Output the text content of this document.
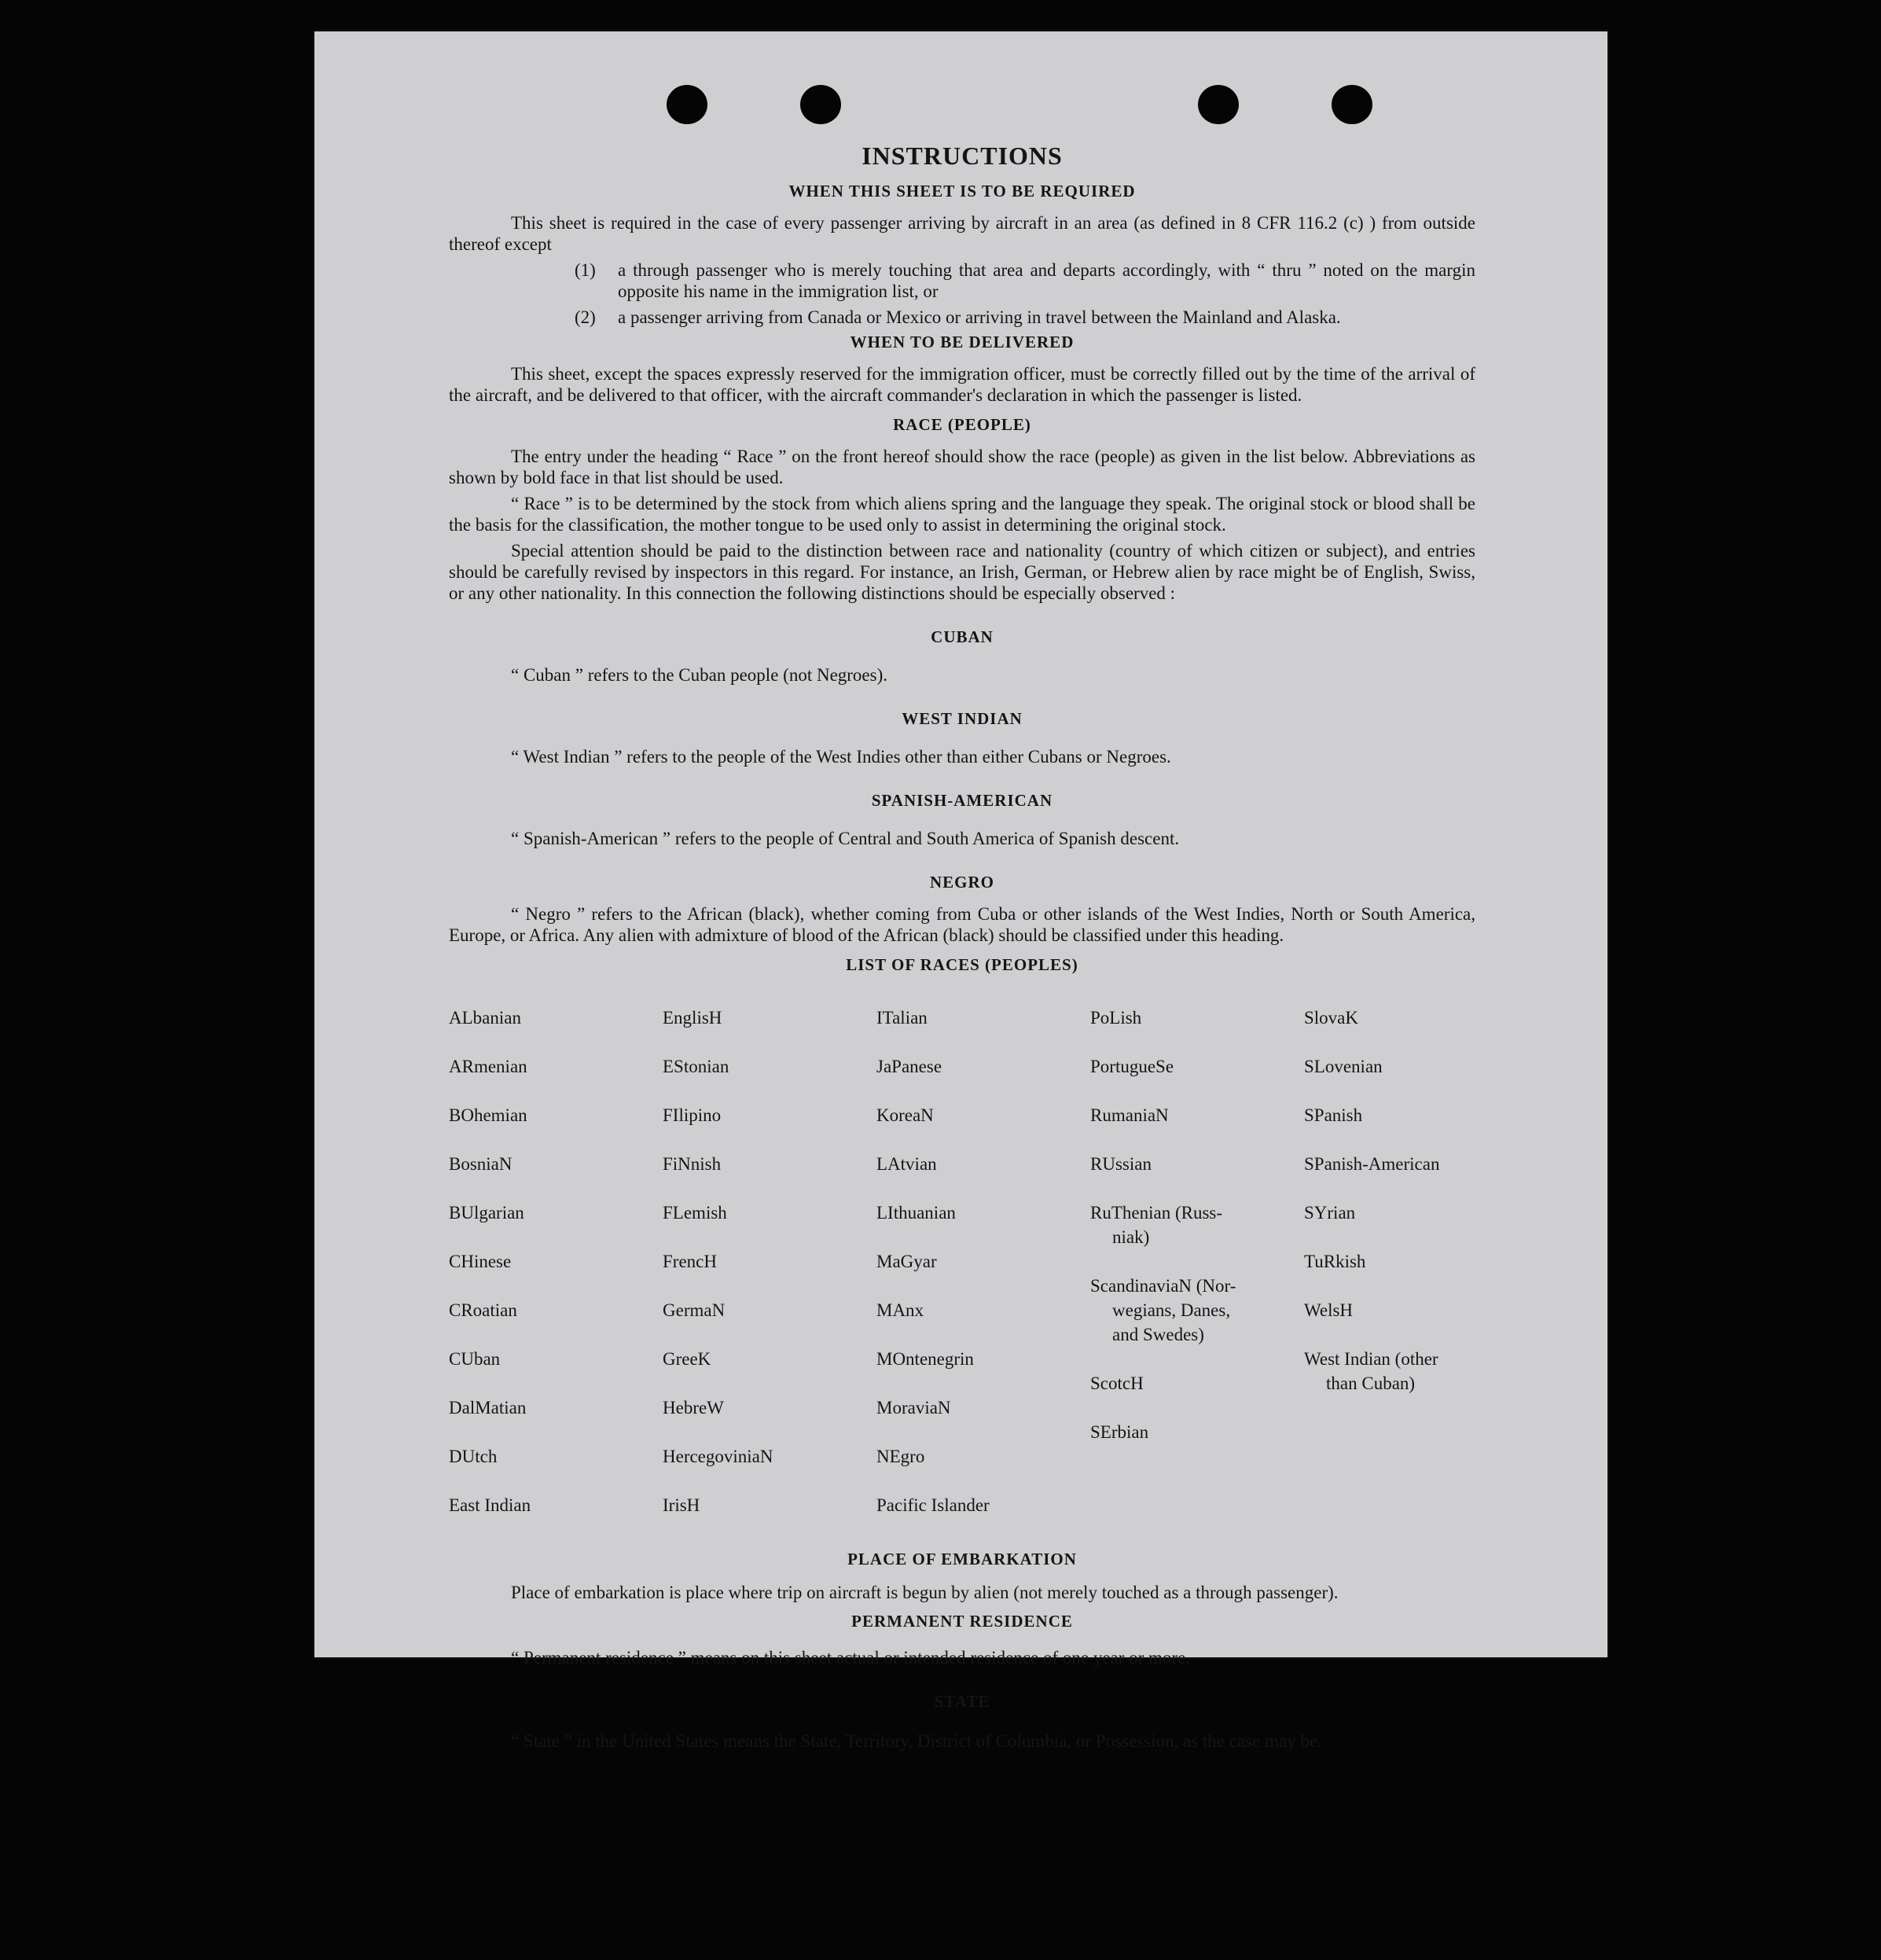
INSTRUCTIONS
WHEN THIS SHEET IS TO BE REQUIRED

This sheet is required in the case of every passenger arriving by aircraft in an area (as defined in 8 CFR 116.2 (c) ) from outside thereof except

(1) a through passenger who is merely touching that area and departs accordingly, with “ thru ” noted on the margin opposite his name in the immigration list, or
(2) a passenger arriving from Canada or Mexico or arriving in travel between the Mainland and Alaska.
WHEN TO BE DELIVERED

This sheet, except the spaces expressly reserved for the immigration officer, must be correctly filled out by the time of the arrival of the aircraft, and be delivered to that officer, with the aircraft commander's declaration in which the passenger is listed.

RACE (PEOPLE)

The entry under the heading “ Race ” on the front hereof should show the race (people) as given in the list below. Abbreviations as shown by bold face in that list should be used.

“ Race ” is to be determined by the stock from which aliens spring and the language they speak. The original stock or blood shall be the basis for the classification, the mother tongue to be used only to assist in determining the original stock.

Special attention should be paid to the distinction between race and nationality (country of which citizen or subject), and entries should be carefully revised by inspectors in this regard. For instance, an Irish, German, or Hebrew alien by race might be of English, Swiss, or any other nationality. In this connection the following distinctions should be especially observed :

CUBAN

“ Cuban ” refers to the Cuban people (not Negroes).

WEST INDIAN

“ West Indian ” refers to the people of the West Indies other than either Cubans or Negroes.

SPANISH-AMERICAN

“ Spanish-American ” refers to the people of Central and South America of Spanish descent.

NEGRO

“ Negro ” refers to the African (black), whether coming from Cuba or other islands of the West Indies, North or South America, Europe, or Africa. Any alien with admixture of blood of the African (black) should be classified under this heading.

LIST OF RACES (PEOPLES)

ALbanian

ARmenian

BOhemian

BosniaN

BUlgarian

CHinese

CRoatian

CUban

DalMatian

DUtch

East Indian

EnglisH

EStonian

FIlipino

FiNnish

FLemish

FrencH

GermaN

GreeK

HebreW

HercegoviniaN

IrisH

ITalian

JaPanese

KoreaN

LAtvian

LIthuanian

MaGyar

MAnx

MOntenegrin

MoraviaN

NEgro

Pacific Islander

PoLish

PortugueSe

RumaniaN

RUssian

RuThenian (Russ-
niak)

ScandinaviaN (Nor-
wegians, Danes,
and Swedes)

ScotcH

SErbian

SlovaK

SLovenian

SPanish

SPanish-American

SYrian

TuRkish

WelsH

West Indian (other
than Cuban)

PLACE OF EMBARKATION

Place of embarkation is place where trip on aircraft is begun by alien (not merely touched as a through passenger).

PERMANENT RESIDENCE

“ Permanent residence ” means on this sheet actual or intended residence of one year or more.

STATE

“ State ” in the United States means the State, Territory, District of Columbia, or Possession, as the case may be.
